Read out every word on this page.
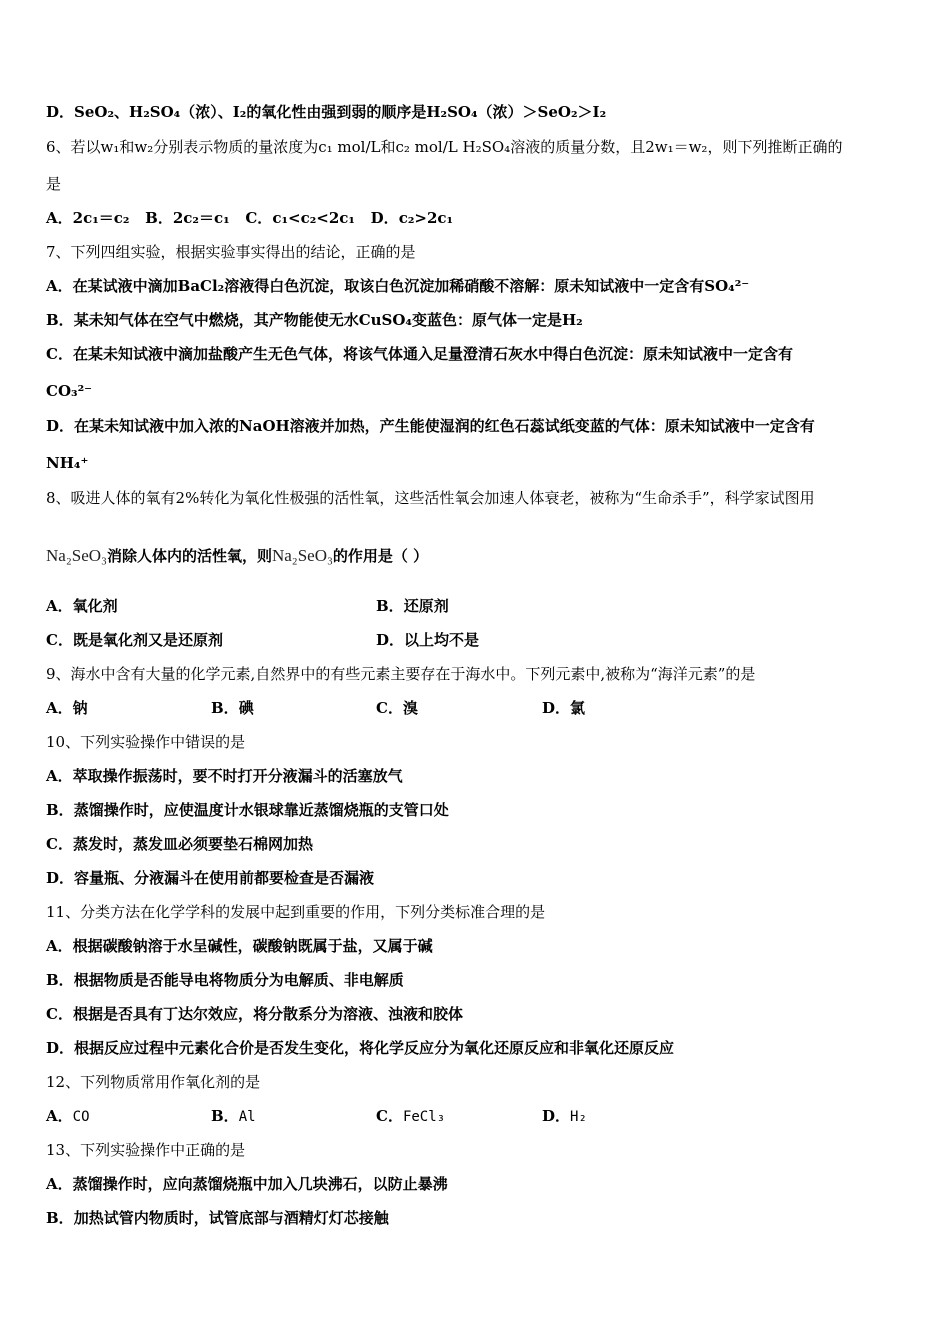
D．SeO₂、H₂SO₄（浓）、I₂的氧化性由强到弱的顺序是H₂SO₄（浓）＞SeO₂＞I₂
6、若以w₁和w₂分别表示物质的量浓度为c₁ mol/L和c₂ mol/L H₂SO₄溶液的质量分数，且2w₁＝w₂，则下列推断正确的
是
A．2c₁＝c₂ B．2c₂＝c₁ C．c₁<c₂<2c₁ D．c₂>2c₁
7、下列四组实验，根据实验事实得出的结论，正确的是
A．在某试液中滴加BaCl₂溶液得白色沉淀，取该白色沉淀加稀硝酸不溶解：原未知试液中一定含有SO₄²⁻
B．某未知气体在空气中燃烧，其产物能使无水CuSO₄变蓝色：原气体一定是H₂
C．在某未知试液中滴加盐酸产生无色气体，将该气体通入足量澄清石灰水中得白色沉淀：原未知试液中一定含有
CO₃²⁻
D．在某未知试液中加入浓的NaOH溶液并加热，产生能使湿润的红色石蕊试纸变蓝的气体：原未知试液中一定含有
NH₄⁺
8、吸进人体的氧有2%转化为氧化性极强的活性氧，这些活性氧会加速人体衰老，被称为“生命杀手”，科学家试图用
Na₂SeO₃消除人体内的活性氧，则Na₂SeO₃的作用是（ ）
A．氧化剂	B．还原剂
C．既是氧化剂又是还原剂	D．以上均不是
9、海水中含有大量的化学元素,自然界中的有些元素主要存在于海水中。下列元素中,被称为“海洋元素”的是
A．钠	B．碘	C．溴	D．氯
10、下列实验操作中错误的是
A．萃取操作振荡时，要不时打开分液漏斗的活塞放气
B．蒸馏操作时，应使温度计水银球靠近蒸馏烧瓶的支管口处
C．蒸发时，蒸发皿必须要垫石棉网加热
D．容量瓶、分液漏斗在使用前都要检查是否漏液
11、分类方法在化学学科的发展中起到重要的作用，下列分类标准合理的是
A．根据碳酸钠溶于水呈碱性，碳酸钠既属于盐，又属于碱
B．根据物质是否能导电将物质分为电解质、非电解质
C．根据是否具有丁达尔效应，将分散系分为溶液、浊液和胶体
D．根据反应过程中元素化合价是否发生变化，将化学反应分为氧化还原反应和非氧化还原反应
12、下列物质常用作氧化剂的是
A．CO	B．Al	C．FeCl₃	D．H₂
13、下列实验操作中正确的是
A．蒸馏操作时，应向蒸馏烧瓶中加入几块沸石，以防止暴沸
B．加热试管内物质时，试管底部与酒精灯灯芯接触
